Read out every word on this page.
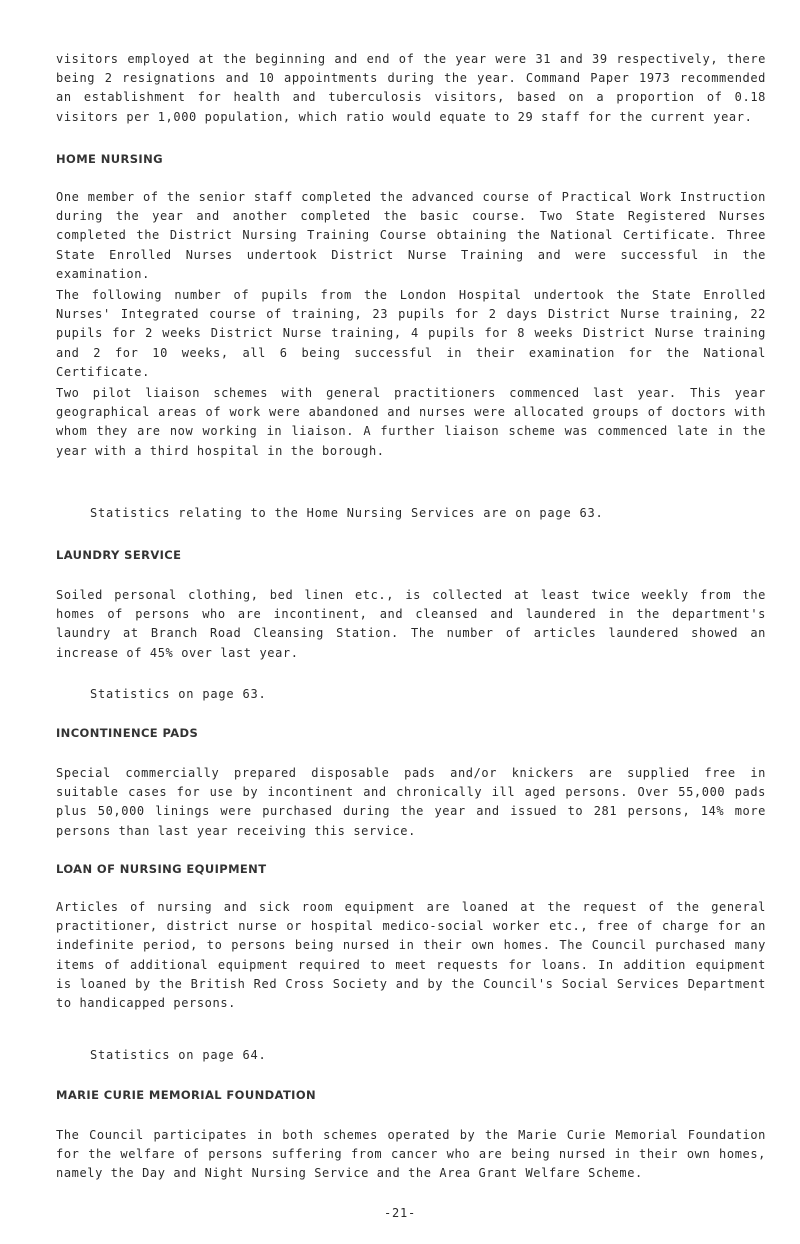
visitors employed at the beginning and end of the year were 31 and 39 respectively, there being 2 resignations and 10 appointments during the year. Command Paper 1973 recommended an establishment for health and tuberculosis visitors, based on a proportion of 0.18 visitors per 1,000 population, which ratio would equate to 29 staff for the current year.

HOME NURSING

One member of the senior staff completed the advanced course of Practical Work Instruction during the year and another completed the basic course. Two State Registered Nurses completed the District Nursing Training Course obtaining the National Certificate. Three State Enrolled Nurses undertook District Nurse Training and were successful in the examination.

The following number of pupils from the London Hospital undertook the State Enrolled Nurses' Integrated course of training, 23 pupils for 2 days District Nurse training, 22 pupils for 2 weeks District Nurse training, 4 pupils for 8 weeks District Nurse training and 2 for 10 weeks, all 6 being successful in their examination for the National Certificate.

Two pilot liaison schemes with general practitioners commenced last year. This year geographical areas of work were abandoned and nurses were allocated groups of doctors with whom they are now working in liaison. A further liaison scheme was commenced late in the year with a third hospital in the borough.

Statistics relating to the Home Nursing Services are on page 63.

LAUNDRY SERVICE

Soiled personal clothing, bed linen etc., is collected at least twice weekly from the homes of persons who are incontinent, and cleansed and laundered in the department's laundry at Branch Road Cleansing Station. The number of articles laundered showed an increase of 45% over last year.

Statistics on page 63.

INCONTINENCE PADS

Special commercially prepared disposable pads and/or knickers are supplied free in suitable cases for use by incontinent and chronically ill aged persons. Over 55,000 pads plus 50,000 linings were purchased during the year and issued to 281 persons, 14% more persons than last year receiving this service.

LOAN OF NURSING EQUIPMENT

Articles of nursing and sick room equipment are loaned at the request of the general practitioner, district nurse or hospital medico-social worker etc., free of charge for an indefinite period, to persons being nursed in their own homes. The Council purchased many items of additional equipment required to meet requests for loans. In addition equipment is loaned by the British Red Cross Society and by the Council's Social Services Department to handicapped persons.

Statistics on page 64.

MARIE CURIE MEMORIAL FOUNDATION

The Council participates in both schemes operated by the Marie Curie Memorial Foundation for the welfare of persons suffering from cancer who are being nursed in their own homes, namely the Day and Night Nursing Service and the Area Grant Welfare Scheme.

-21-
